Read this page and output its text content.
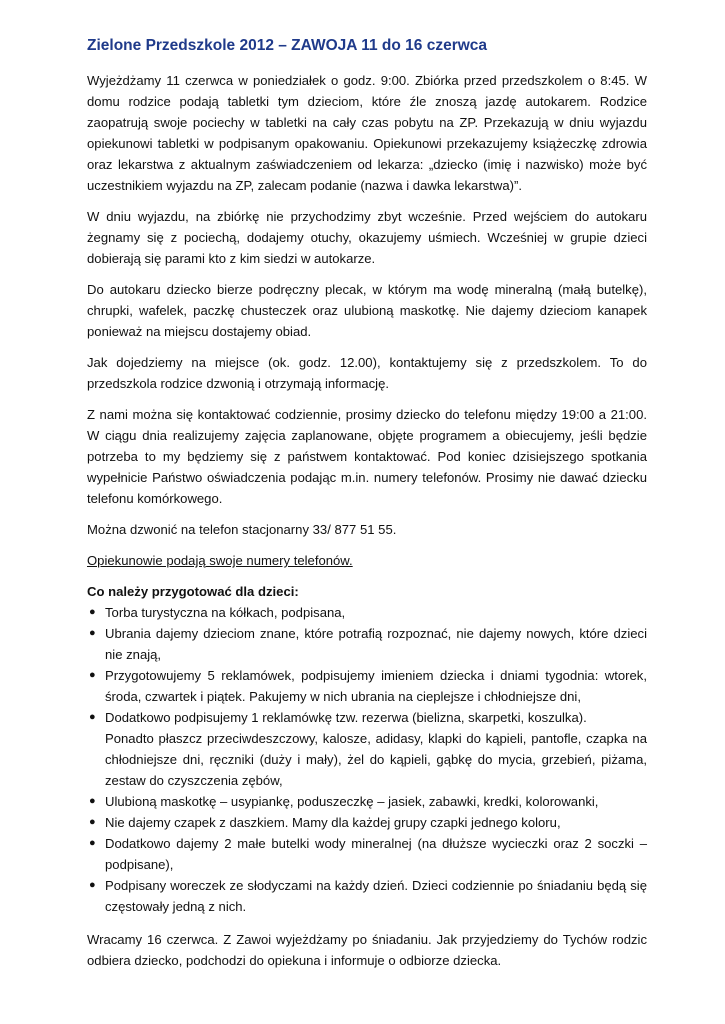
Zielone Przedszkole 2012 – ZAWOJA 11 do 16 czerwca

Wyjeżdżamy 11 czerwca w poniedziałek o godz. 9:00. Zbiórka przed przedszkolem o 8:45. W domu rodzice podają tabletki tym dzieciom, które źle znoszą jazdę autokarem. Rodzice zaopatrują swoje pociechy w tabletki na cały czas pobytu na ZP. Przekazują w dniu wyjazdu opiekunowi tabletki w podpisanym opakowaniu. Opiekunowi przekazujemy książeczkę zdrowia oraz lekarstwa z aktualnym zaświadczeniem od lekarza: „dziecko (imię i nazwisko) może być uczestnikiem wyjazdu na ZP, zalecam podanie (nazwa i dawka lekarstwa)”.

W dniu wyjazdu, na zbiórkę nie przychodzimy zbyt wcześnie. Przed wejściem do autokaru żegnamy się z pociechą, dodajemy otuchy, okazujemy uśmiech. Wcześniej w grupie dzieci dobierają się parami kto z kim siedzi w autokarze.

Do autokaru dziecko bierze podręczny plecak, w którym ma wodę mineralną (małą butelkę), chrupki, wafelek, paczkę chusteczek oraz ulubioną maskotkę. Nie dajemy dzieciom kanapek ponieważ na miejscu dostajemy obiad.

Jak dojedziemy na miejsce (ok. godz. 12.00), kontaktujemy się z przedszkolem. To do przedszkola rodzice dzwonią i otrzymają informację.

Z nami można się kontaktować codziennie, prosimy dziecko do telefonu między 19:00 a 21:00. W ciągu dnia realizujemy zajęcia zaplanowane, objęte programem a obiecujemy, jeśli będzie potrzeba to my będziemy się z państwem kontaktować. Pod koniec dzisiejszego spotkania wypełnicie Państwo oświadczenia podając m.in. numery telefonów. Prosimy nie dawać dziecku telefonu komórkowego.

Można dzwonić na telefon stacjonarny 33/ 877 51 55.

Opiekunowie podają swoje numery telefonów.

Co należy przygotować dla dzieci:
● Torba turystyczna na kółkach, podpisana,
● Ubrania dajemy dzieciom znane, które potrafią rozpoznać, nie dajemy nowych, które dzieci nie znają,
● Przygotowujemy 5 reklamówek, podpisujemy imieniem dziecka i dniami tygodnia: wtorek, środa, czwartek i piątek. Pakujemy w nich ubrania na cieplejsze i chłodniejsze dni,
● Dodatkowo podpisujemy 1 reklamówkę tzw. rezerwa (bielizna, skarpetki, koszulka).
Ponadto płaszcz przeciwdeszczowy, kalosze, adidasy, klapki do kąpieli, pantofle, czapka na chłodniejsze dni, ręczniki (duży i mały), żel do kąpieli, gąbkę do mycia, grzebień, piżama, zestaw do czyszczenia zębów,
● Ulubioną maskotkę – usypiankę, poduszeczkę – jasiek, zabawki, kredki, kolorowanki,
● Nie dajemy czapek z daszkiem. Mamy dla każdej grupy czapki jednego koloru,
● Dodatkowo dajemy 2 małe butelki wody mineralnej (na dłuższe wycieczki oraz 2 soczki – podpisane),
● Podpisany woreczek ze słodyczami na każdy dzień. Dzieci codziennie po śniadaniu będą się częstowały jedną z nich.

Wracamy 16 czerwca. Z Zawoi wyjeżdżamy po śniadaniu. Jak przyjedziemy do Tychów rodzic odbiera dziecko, podchodzi do opiekuna i informuje o odbiorze dziecka.
